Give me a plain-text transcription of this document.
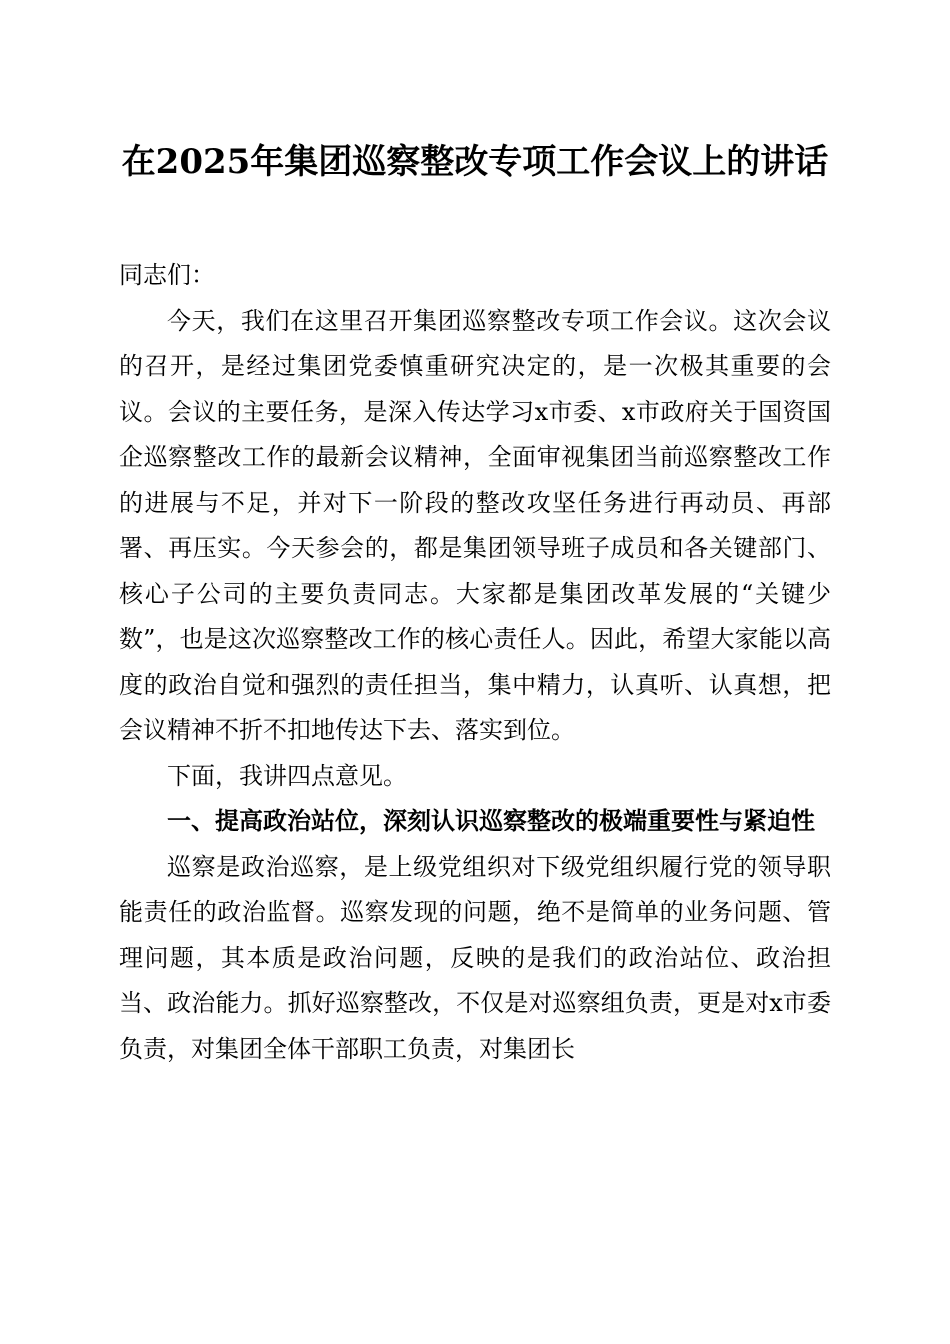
在2025年集团巡察整改专项工作会议上的讲话

同志们：

今天，我们在这里召开集团巡察整改专项工作会议。这次会议的召开，是经过集团党委慎重研究决定的，是一次极其重要的会议。会议的主要任务，是深入传达学习x市委、x市政府关于国资国企巡察整改工作的最新会议精神，全面审视集团当前巡察整改工作的进展与不足，并对下一阶段的整改攻坚任务进行再动员、再部署、再压实。今天参会的，都是集团领导班子成员和各关键部门、核心子公司的主要负责同志。大家都是集团改革发展的“关键少数”，也是这次巡察整改工作的核心责任人。因此，希望大家能以高度的政治自觉和强烈的责任担当，集中精力，认真听、认真想，把会议精神不折不扣地传达下去、落实到位。

下面，我讲四点意见。

一、提高政治站位，深刻认识巡察整改的极端重要性与紧迫性

巡察是政治巡察，是上级党组织对下级党组织履行党的领导职能责任的政治监督。巡察发现的问题，绝不是简单的业务问题、管理问题，其本质是政治问题，反映的是我们的政治站位、政治担当、政治能力。抓好巡察整改，不仅是对巡察组负责，更是对x市委负责，对集团全体干部职工负责，对集团长
